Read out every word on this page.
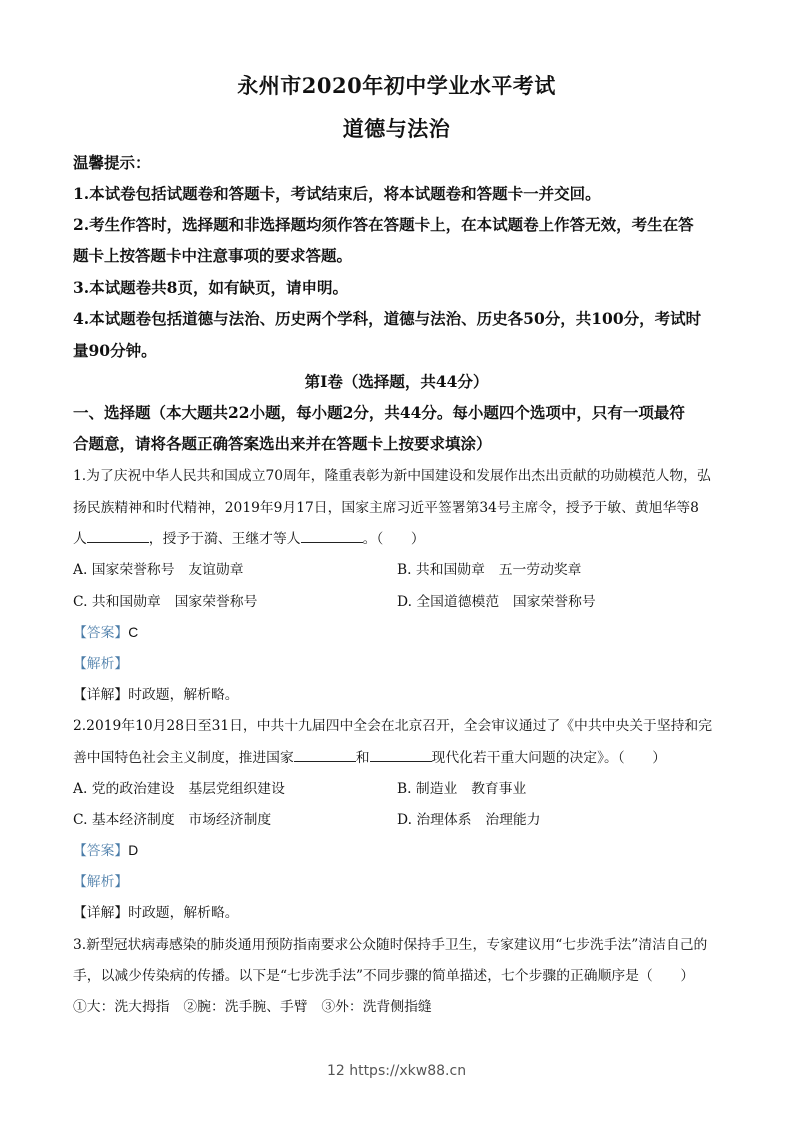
永州市2020年初中学业水平考试
道德与法治
温馨提示：
1.本试卷包括试题卷和答题卡，考试结束后，将本试题卷和答题卡一并交回。
2.考生作答时，选择题和非选择题均须作答在答题卡上，在本试题卷上作答无效，考生在答
题卡上按答题卡中注意事项的要求答题。
3.本试题卷共8页，如有缺页，请申明。
4.本试题卷包括道德与法治、历史两个学科，道德与法治、历史各50分，共100分，考试时
量90分钟。
第Ⅰ卷（选择题，共44分）
一、选择题（本大题共22小题，每小题2分，共44分。每小题四个选项中，只有一项最符
合题意，请将各题正确答案选出来并在答题卡上按要求填涂）
1.为了庆祝中华人民共和国成立70周年，隆重表彰为新中国建设和发展作出杰出贡献的功勋模范人物，弘
扬民族精神和时代精神，2019年9月17日，国家主席习近平签署第34号主席令，授予于敏、黄旭华等8
人	，授予于漪、王继才等人	。（　　）
A. 国家荣誉称号　友谊勋章	B. 共和国勋章　五一劳动奖章
C. 共和国勋章　国家荣誉称号	D. 全国道德模范　国家荣誉称号
【答案】C
【解析】
【详解】时政题，解析略。
2.2019年10月28日至31日，中共十九届四中全会在北京召开，全会审议通过了《中共中央关于坚持和完
善中国特色社会主义制度，推进国家	和	现代化若干重大问题的决定》。（　　）
A. 党的政治建设　基层党组织建设	B. 制造业　教育事业
C. 基本经济制度　市场经济制度	D. 治理体系　治理能力
【答案】D
【解析】
【详解】时政题，解析略。
3.新型冠状病毒感染的肺炎通用预防指南要求公众随时保持手卫生，专家建议用“七步洗手法”清洁自己的
手，以减少传染病的传播。以下是“七步洗手法”不同步骤的简单描述，七个步骤的正确顺序是（　　）
①大：洗大拇指　②腕：洗手腕、手臂　③外：洗背侧指缝
12 https://xkw88.cn
